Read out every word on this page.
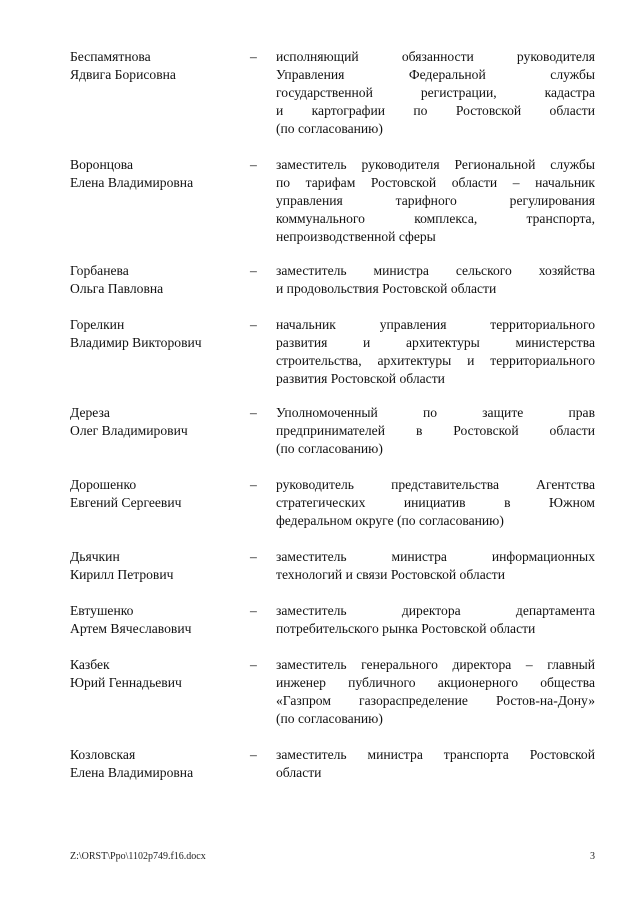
Беспамятнова
Ядвига Борисовна
– исполняющий обязанности руководителя
Управления Федеральной службы
государственной регистрации, кадастра
и картографии по Ростовской области
(по согласованию)
Воронцова
Елена Владимировна
– заместитель руководителя Региональной службы
по тарифам Ростовской области – начальник
управления тарифного регулирования
коммунального комплекса, транспорта,
непроизводственной сферы
Горбанева
Ольга Павловна
– заместитель министра сельского хозяйства
и продовольствия Ростовской области
Горелкин
Владимир Викторович
– начальник управления территориального
развития и архитектуры министерства
строительства, архитектуры и территориального
развития Ростовской области
Дереза
Олег Владимирович
– Уполномоченный по защите прав
предпринимателей в Ростовской области
(по согласованию)
Дорошенко
Евгений Сергеевич
– руководитель представительства Агентства
стратегических инициатив в Южном
федеральном округе (по согласованию)
Дьячкин
Кирилл Петрович
– заместитель министра информационных
технологий и связи Ростовской области
Евтушенко
Артем Вячеславович
– заместитель директора департамента
потребительского рынка Ростовской области
Казбек
Юрий Геннадьевич
– заместитель генерального директора – главный
инженер публичного акционерного общества
«Газпром газораспределение Ростов-на-Дону»
(по согласованию)
Козловская
Елена Владимировна
– заместитель министра транспорта Ростовской
области
Z:\ORST\Ppo\1102p749.f16.docx	3
